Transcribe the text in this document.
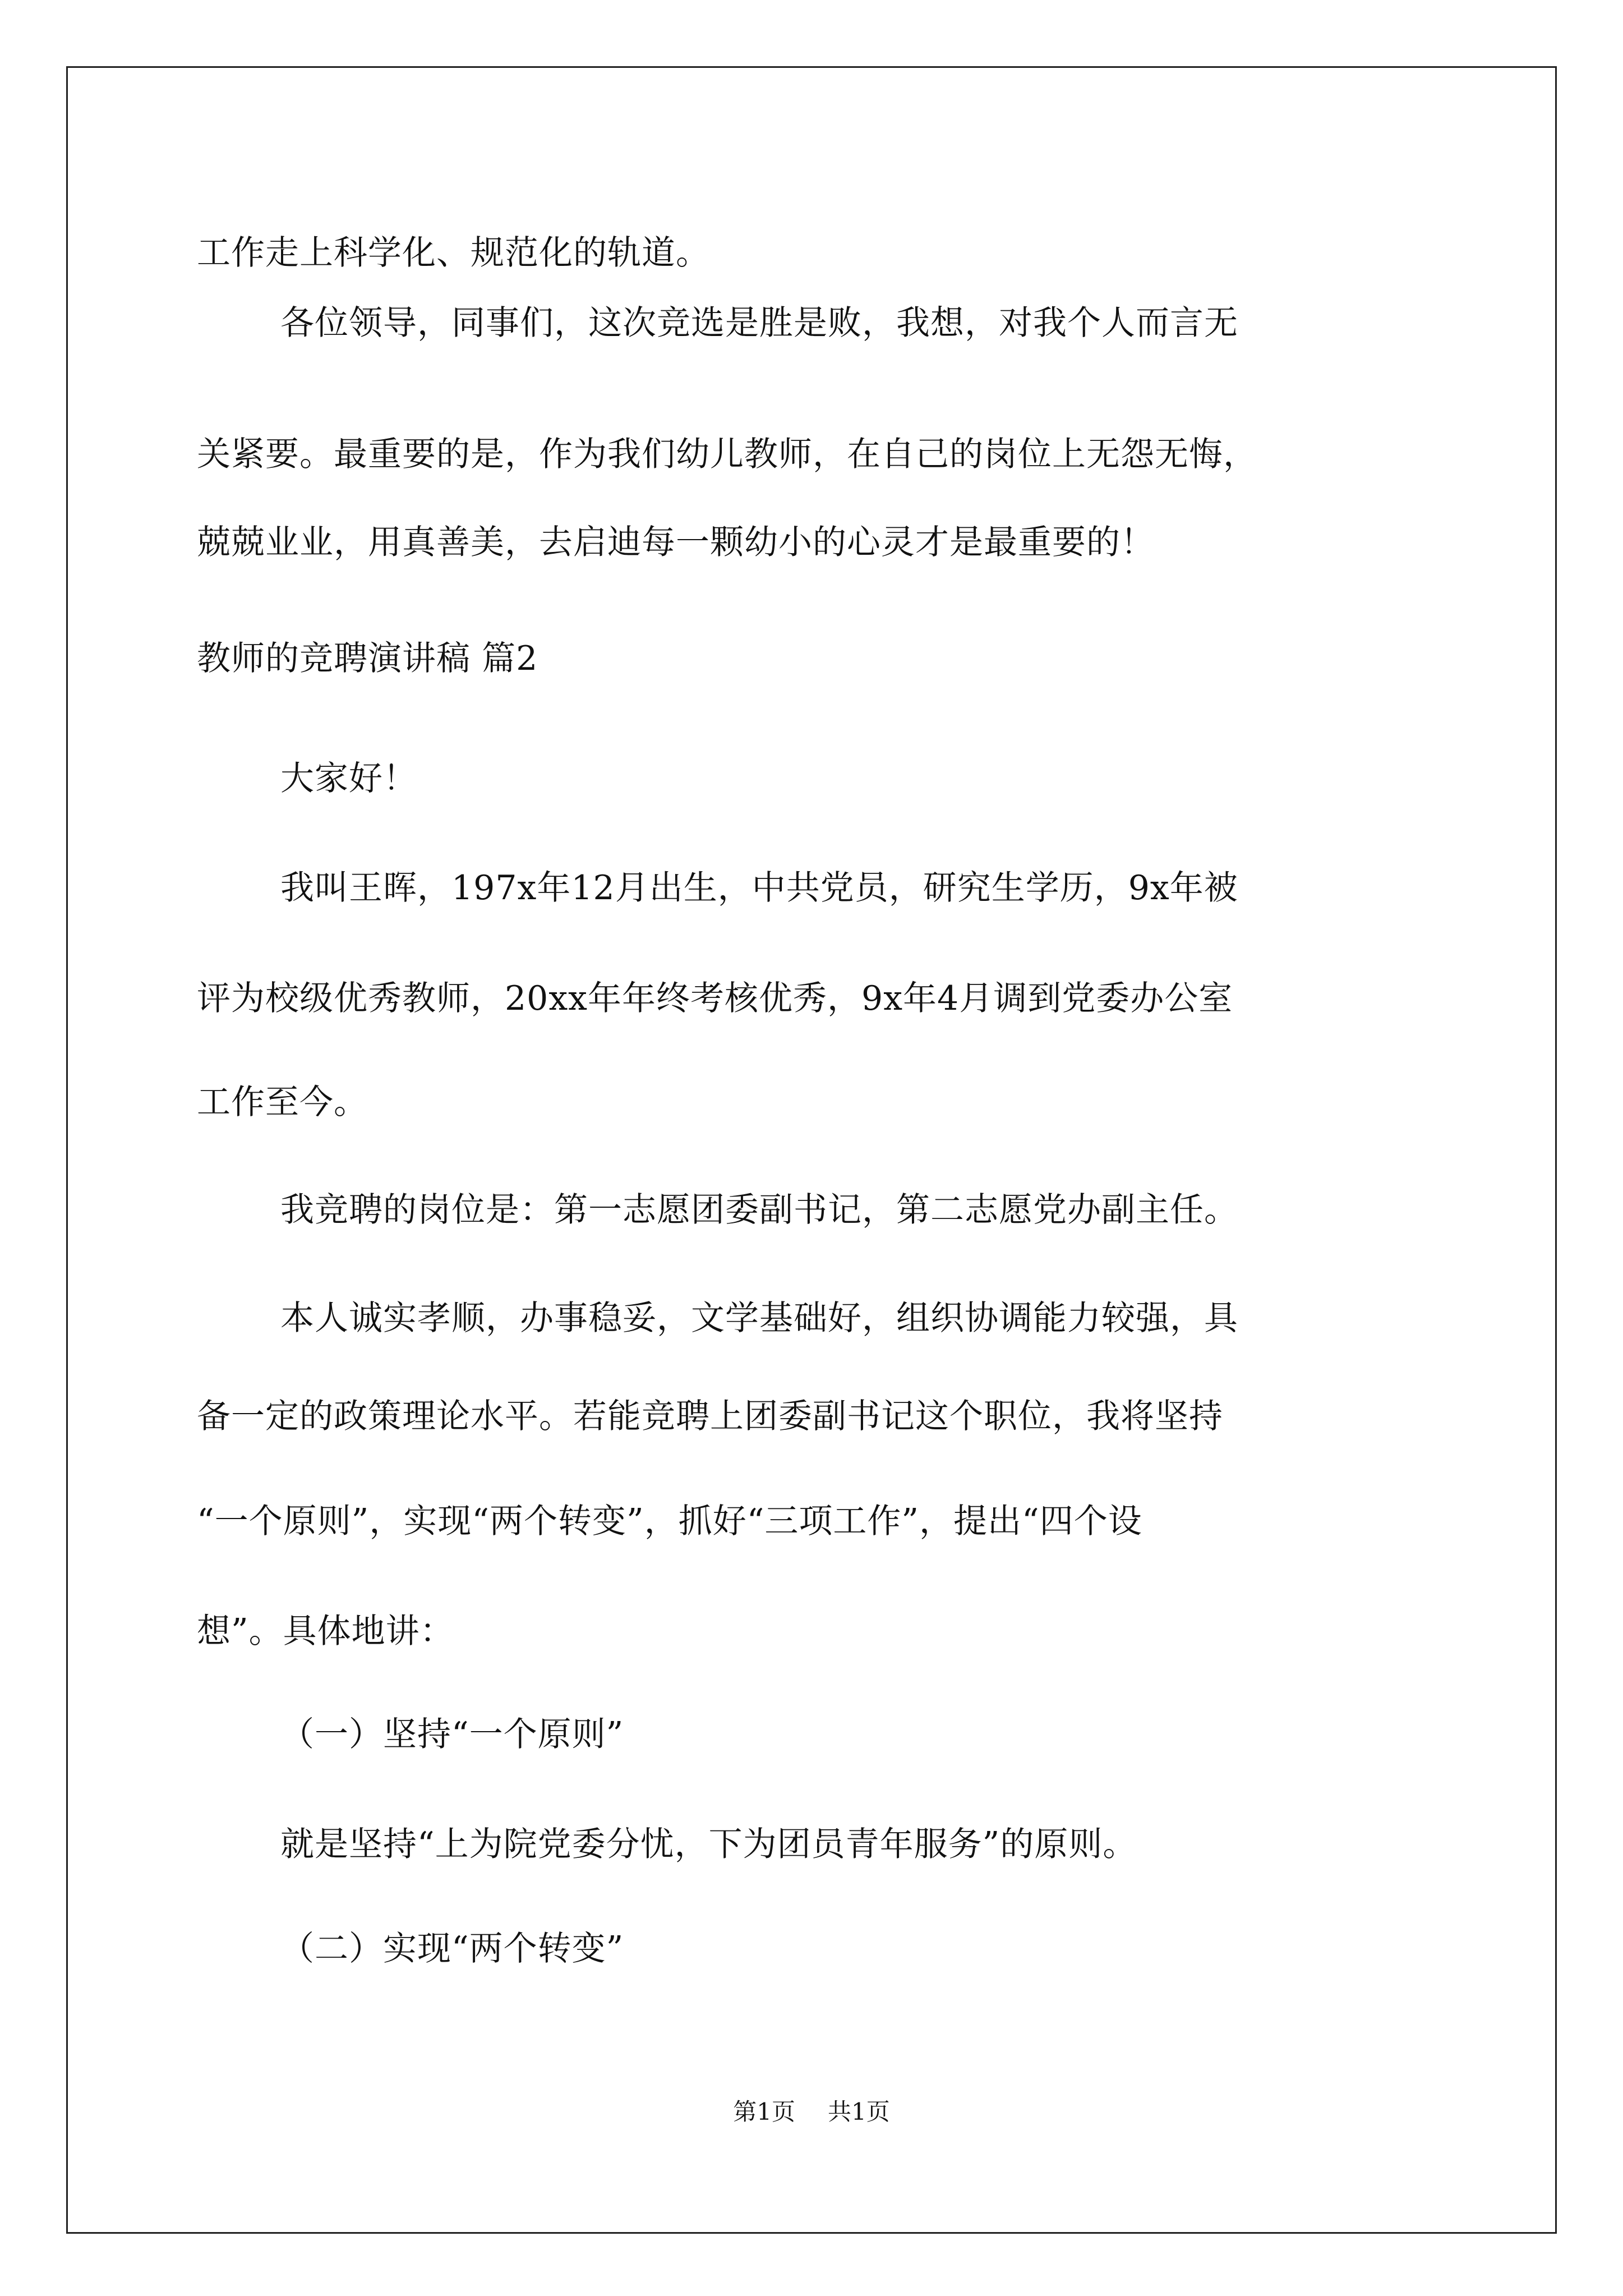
工作走上科学化、规范化的轨道。
各位领导，同事们，这次竞选是胜是败，我想，对我个人而言无
关紧要。最重要的是，作为我们幼儿教师，在自己的岗位上无怨无悔，
兢兢业业，用真善美，去启迪每一颗幼小的心灵才是最重要的！
教师的竞聘演讲稿 篇2
大家好！
我叫王晖，197x年12月出生，中共党员，研究生学历，9x年被
评为校级优秀教师，20xx年年终考核优秀，9x年4月调到党委办公室
工作至今。
我竞聘的岗位是：第一志愿团委副书记，第二志愿党办副主任。
本人诚实孝顺，办事稳妥，文学基础好，组织协调能力较强，具
备一定的政策理论水平。若能竞聘上团委副书记这个职位，我将坚持
“一个原则”，实现“两个转变”，抓好“三项工作”，提出“四个设
想”。具体地讲：
（一）坚持“一个原则”
就是坚持“上为院党委分忧，下为团员青年服务”的原则。
（二）实现“两个转变”
第1页 共1页
